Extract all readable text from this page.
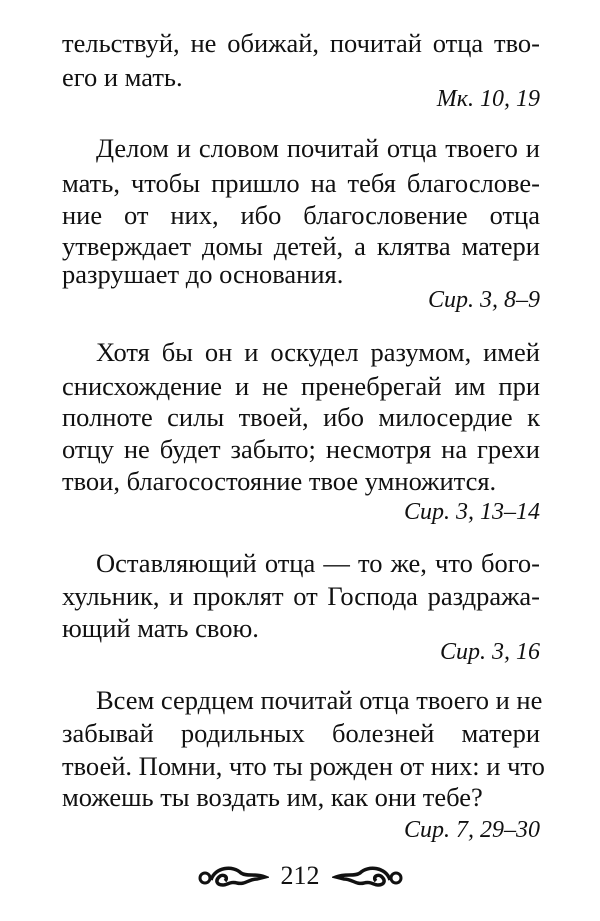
тельствуй, не обижай, почитай отца тво-
его и мать.
Мк. 10, 19
Делом и словом почитай отца твоего и
мать, чтобы пришло на тебя благослове-
ние от них, ибо благословение отца
утверждает домы детей, а клятва матери
разрушает до основания.
Сир. 3, 8–9
Хотя бы он и оскудел разумом, имей
снисхождение и не пренебрегай им при
полноте силы твоей, ибо милосердие к
отцу не будет забыто; несмотря на грехи
твои, благосостояние твое умножится.
Сир. 3, 13–14
Оставляющий отца — то же, что бого-
хульник, и проклят от Господа раздража-
ющий мать свою.
Сир. 3, 16
Всем сердцем почитай отца твоего и не
забывай родильных болезней матери
твоей. Помни, что ты рожден от них: и что
можешь ты воздать им, как они тебе?
Сир. 7, 29–30
212
